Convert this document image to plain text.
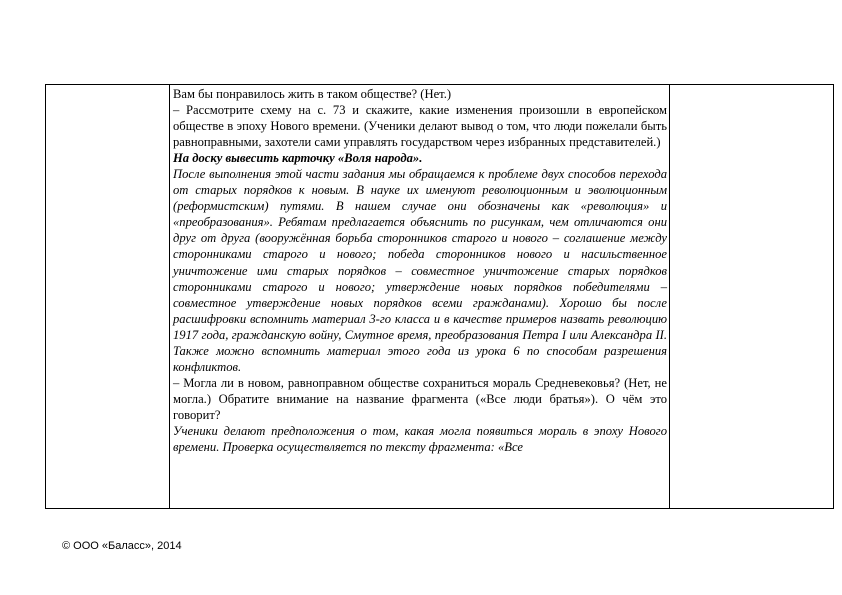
Вам бы понравилось жить в таком обществе? (Нет.)

– Рассмотрите схему на с. 73 и скажите, какие изменения произошли в европейском обществе в эпоху Нового времени. (Ученики делают вывод о том, что люди пожелали быть равноправными, захотели сами управлять государством через избранных представителей.)

На доску вывесить карточку «Воля народа».

После выполнения этой части задания мы обращаемся к проблеме двух способов перехода от старых порядков к новым. В науке их именуют революционным и эволюционным (реформистским) путями. В нашем случае они обозначены как «революция» и «преобразования». Ребятам предлагается объяснить по рисункам, чем отличаются они друг от друга (вооружённая борьба сторонников старого и нового – соглашение между сторонниками старого и нового; победа сторонников нового и насильственное уничтожение ими старых порядков – совместное уничтожение старых порядков сторонниками старого и нового; утверждение новых порядков победителями – совместное утверждение новых порядков всеми гражданами). Хорошо бы после расшифровки вспомнить материал 3-го класса и в качестве примеров назвать революцию 1917 года, гражданскую войну, Смутное время, преобразования Петра I или Александра II. Также можно вспомнить материал этого года из урока 6 по способам разрешения конфликтов.

– Могла ли в новом, равноправном обществе сохраниться мораль Средневековья? (Нет, не могла.) Обратите внимание на название фрагмента («Все люди братья»). О чём это говорит?

Ученики делают предположения о том, какая могла появиться мораль в эпоху Нового времени. Проверка осуществляется по тексту фрагмента: «Все

© ООО «Баласс», 2014
